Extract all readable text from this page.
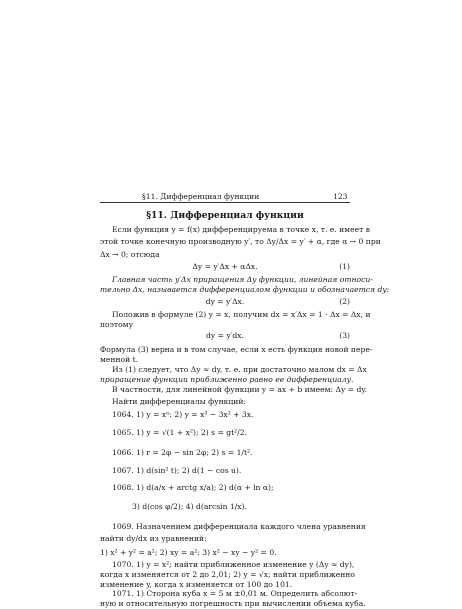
§11. Дифференциал функции	123
§11. Дифференциал функции
Если функция y = f(x) дифференцируема в точке x, т. е. имеет в
этой точке конечную производную y′, то Δy/Δx = y′ + α, где α → 0 при
Δx → 0; отсюда
Δy = y′Δx + αΔx.	(1)
Главная часть y′Δx приращения Δy функции, линейная относи-
тельно Δx, называется дифференциалом функции и обозначается dy:
dy = y′Δx.	(2)
Положив в формуле (2) y = x, получим dx = x′Δx = 1 · Δx = Δx, и
поэтому
dy = y′dx.	(3)
Формула (3) верна и в том случае, если x есть функция новой пере-
менной t.
Из (1) следует, что Δy ≈ dy, т. е. при достаточно малом dx = Δx
приращение функции приближенно равно ее дифференциалу.
В частности, для линейной функции y = ax + b имеем: Δy = dy.
Найти дифференциалы функций:
1064. 1) y = xⁿ; 2) y = x³ − 3x² + 3x.
1065. 1) y = √(1 + x²); 2) s = gt²/2.
1066. 1) r = 2φ − sin 2φ; 2) s = 1/t².
1067. 1) d(sin² t); 2) d(1 − cos u).
1068. 1) d(a/x + arctg x/a); 2) d(α + ln α);
3) d(cos φ/2); 4) d(arcsin 1/x).
1069. Назначением дифференциала каждого члена уравнения
найти dy/dx из уравнений:
1) x² + y² = a²; 2) xy = a²; 3) x² − xy − y² = 0.
1070. 1) y = x²; найти приближенное изменение y (Δy ≈ dy),
когда x изменяется от 2 до 2,01; 2) y = √x; найти приближенно
изменение y, когда x изменяется от 100 до 101.
1071. 1) Сторона куба x = 5 м ±0,01 м. Определить абсолют-
ную и относительную погрешность при вычислении объема куба.
